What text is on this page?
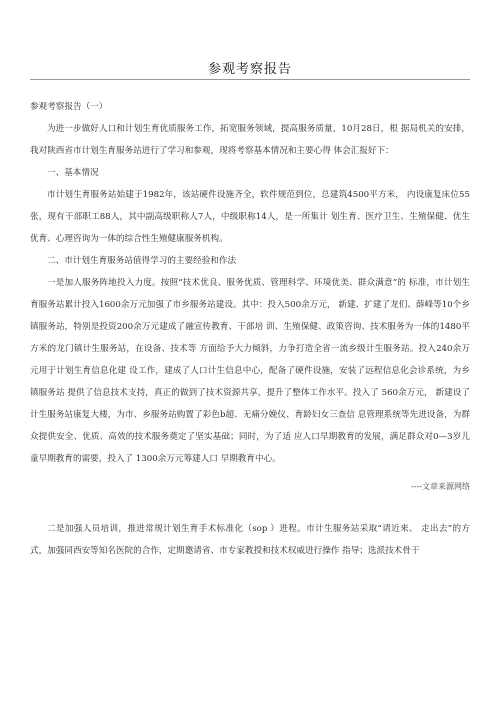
参观考察报告

参观考察报告（一）

为进一步做好人口和计划生育优质服务工作，拓宽服务领域，提高服务质量，10月28日，根 据局机关的安排，我对陕西省市计划生育服务站进行了学习和参观，现将考察基本情况和主要心得 体会汇报好下：

一、基本情况

市计划生育服务站始建于1982年，该站硬件设施齐全，软件规范到位，总建筑4500平方米， 内设康复床位55张，现有干部职工88人，其中副高级职称人7人，中级职称14人，是一所集计 划生育、医疗卫生、生殖保健、优生优育、心理咨询为一体的综合性生殖健康服务机构。

二、市计划生育服务站值得学习的主要经验和作法

一是加人服务阵地投入力度。按照“技术优良、服务优质、管理科学、环境优美、群众满意”的 标准，市计划生育服务站累计投入1600余万元加强了市乡服务站建设。其中：投入500余万元， 新建、扩建了龙们、薛峰等10个乡镇服务站，特别是投资200余万元建成了融宣传教育、干部培 训、生殖保健、政策咨询、技术服务为一体的1480平方米的龙门镇计生服务站，在设备、技术等 方面给予大力倾斜，力争打造全省一流乡级计生服务站。投入240余万元用于计划生育信息化建 设工作，建成了人口计生信息中心，配备了硬件设施，安装了远程信息化会诊系统，为乡镇服务站 提供了信息技术支持，真正的做到了技术资源共享，提升了整体工作水平。投入了 560余万元， 新建设了计生服务站康复大楼，为市、乡服务站购置了彩色b超、无痛分娩仪、育龄妇女三查信 息管理系统等先进设备，为群众提供安全、优质、高效的技术服务奠定了坚实基础；同时，为了适 应人口早期教育的发展，满足群众对0—3岁儿童早期教育的需要，投入了 1300余万元筹建人口 早期教育中心。

----文章来源网络

二是加强人员培训，推进常规计划生育手术标准化（sop ）进程。市计生服务站采取“请近来、 走出去”的方式，加强同西安等知名医院的合作，定期邀请省、市专家教授和技术权威进行操作 指导；选派技术骨干
